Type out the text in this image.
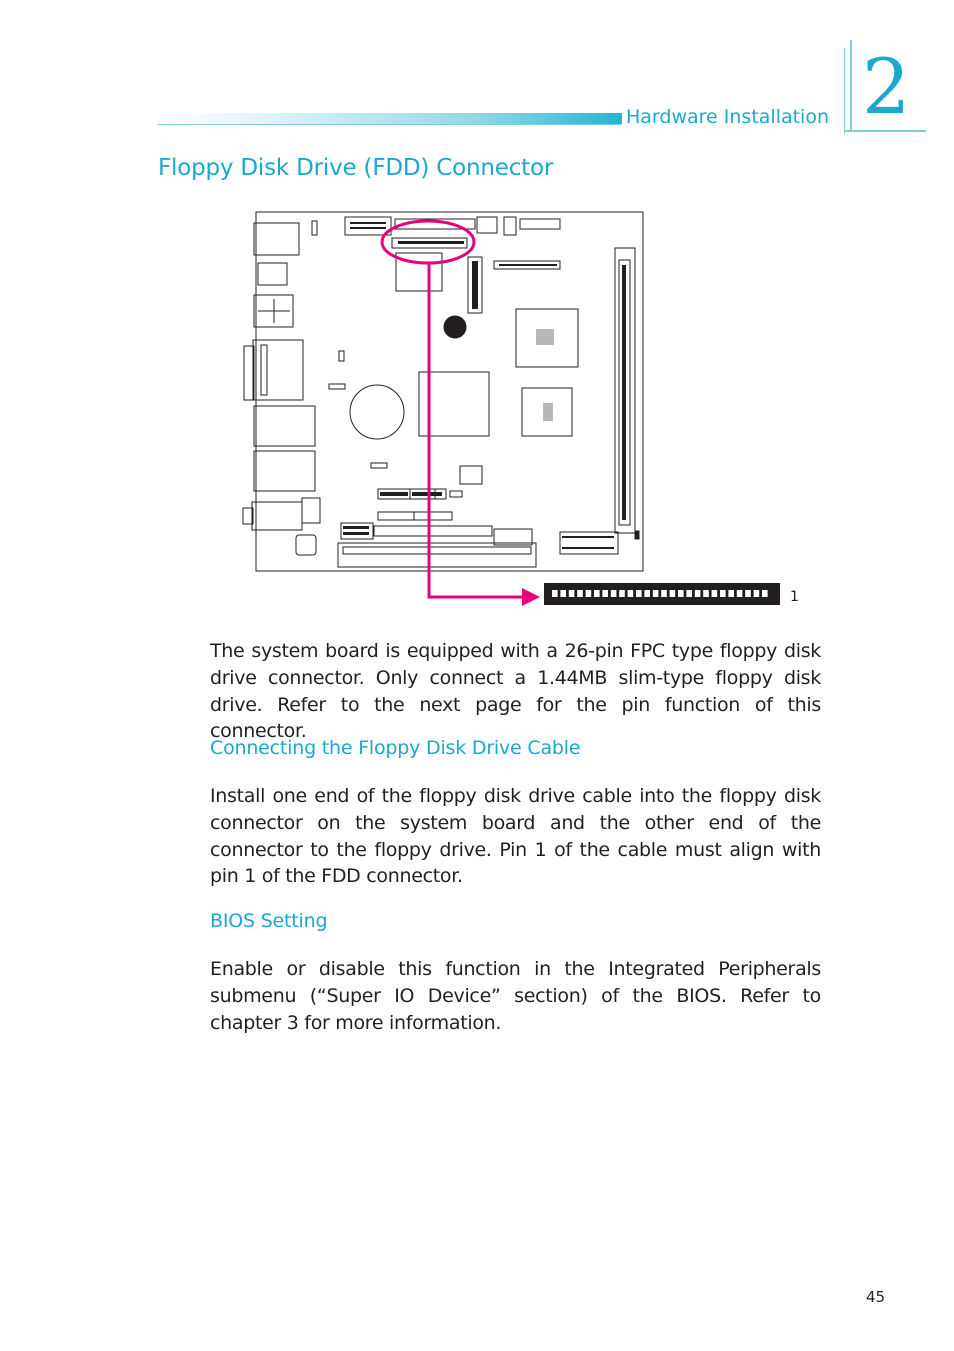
Hardware Installation 2
Floppy Disk Drive (FDD) Connector
1
The system board is equipped with a 26-pin FPC type floppy disk drive connector. Only connect a 1.44MB slim-type floppy disk drive. Refer to the next page for the pin function of this connector.
Connecting the Floppy Disk Drive Cable
Install one end of the floppy disk drive cable into the floppy disk connector on the system board and the other end of the connector to the floppy drive. Pin 1 of the cable must align with pin 1 of the FDD connector.
BIOS Setting
Enable or disable this function in the Integrated Peripherals submenu (“Super IO Device” section) of the BIOS. Refer to chapter 3 for more information.
45
